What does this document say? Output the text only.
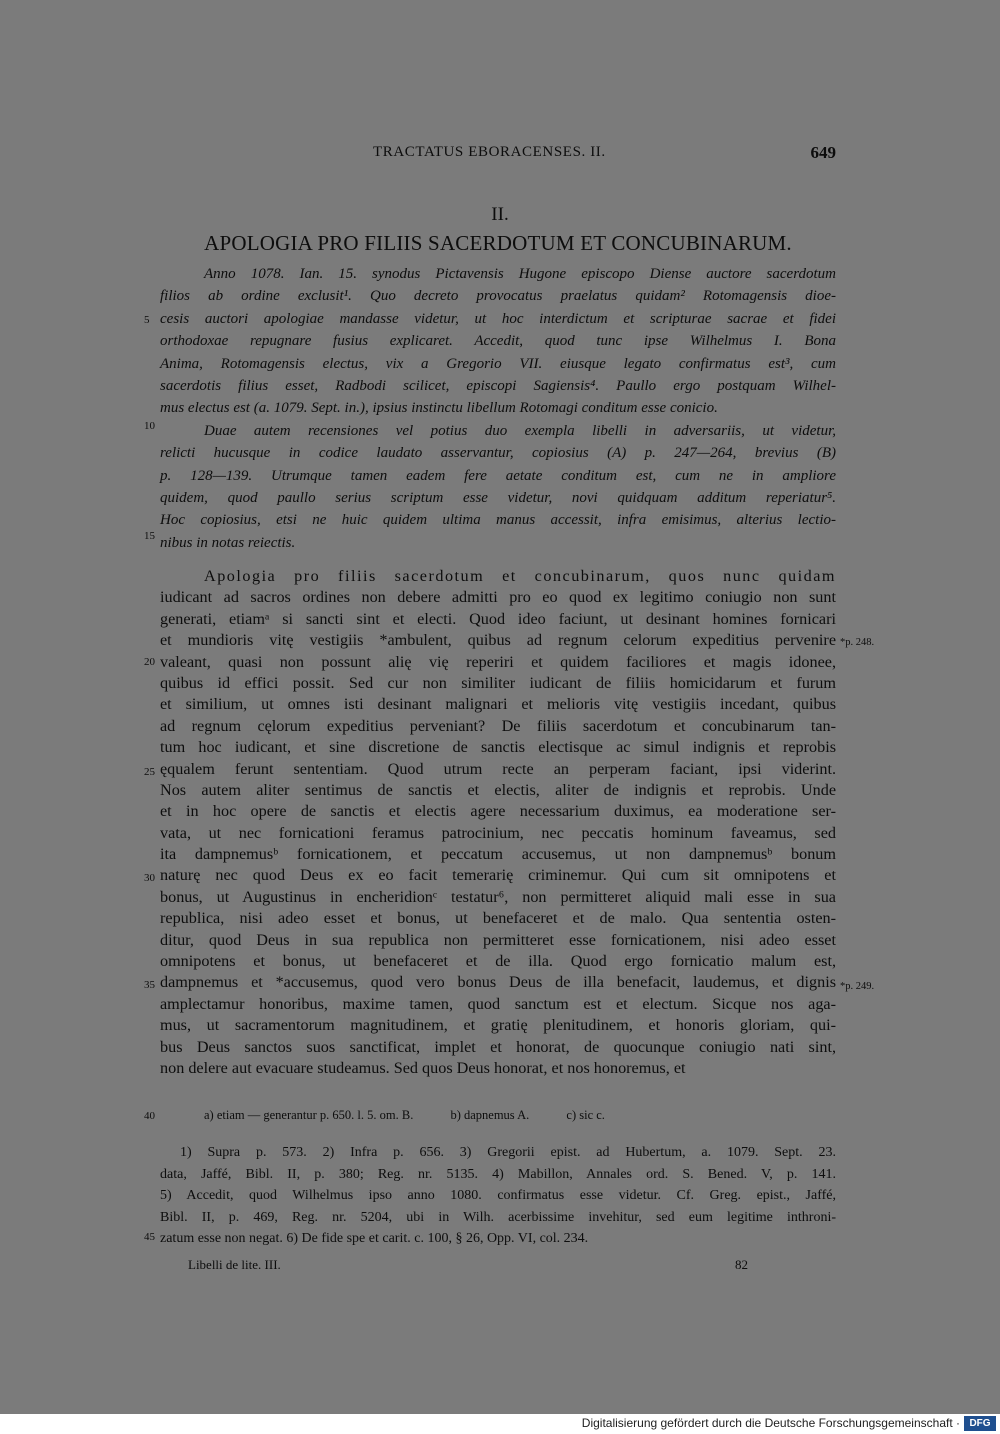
TRACTATUS EBORACENSES. II.	649
II.
APOLOGIA PRO FILIIS SACERDOTUM ET CONCUBINARUM.
Anno 1078. Ian. 15. synodus Pictavensis Hugone episcopo Diense auctore sacerdotum
filios ab ordine exclusit¹. Quo decreto provocatus praelatus quidam² Rotomagensis dioe-
cesis auctori apologiae mandasse videtur, ut hoc interdictum et scripturae sacrae et fidei
orthodoxae repugnare fusius explicaret. Accedit, quod tunc ipse Wilhelmus I. Bona
Anima, Rotomagensis electus, vix a Gregorio VII. eiusque legato confirmatus est³, cum
sacerdotis filius esset, Radbodi scilicet, episcopi Sagiensis⁴. Paullo ergo postquam Wilhel-
mus electus est (a. 1079. Sept. in.), ipsius instinctu libellum Rotomagi conditum esse conicio.
Duae autem recensiones vel potius duo exempla libelli in adversariis, ut videtur,
relicti hucusque in codice laudato asservantur, copiosius (A) p. 247—264, brevius (B)
p. 128—139. Utrumque tamen eadem fere aetate conditum est, cum ne in ampliore
quidem, quod paullo serius scriptum esse videtur, novi quidquam additum reperiatur⁵.
Hoc copiosius, etsi ne huic quidem ultima manus accessit, infra emisimus, alterius lectio-
nibus in notas reiectis.
Apologia pro filiis sacerdotum et concubinarum, quos nunc quidam
iudicant ad sacros ordines non debere admitti pro eo quod ex legitimo coniugio non sunt
generati, etiamᵃ si sancti sint et electi. Quod ideo faciunt, ut desinant homines fornicari
et mundioris vitę vestigiis *ambulent, quibus ad regnum celorum expeditius pervenire
valeant, quasi non possunt alię vię reperiri et quidem faciliores et magis idonee,
quibus id effici possit. Sed cur non similiter iudicant de filiis homicidarum et furum
et similium, ut omnes isti desinant malignari et melioris vitę vestigiis incedant, quibus
ad regnum cęlorum expeditius perveniant? De filiis sacerdotum et concubinarum tan-
tum hoc iudicant, et sine discretione de sanctis electisque ac simul indignis et reprobis
ęqualem ferunt sententiam. Quod utrum recte an perperam faciant, ipsi viderint.
Nos autem aliter sentimus de sanctis et electis, aliter de indignis et reprobis. Unde
et in hoc opere de sanctis et electis agere necessarium duximus, ea moderatione ser-
vata, ut nec fornicationi feramus patrocinium, nec peccatis hominum faveamus, sed
ita dampnemusᵇ fornicationem, et peccatum accusemus, ut non dampnemusᵇ bonum
naturę nec quod Deus ex eo facit temerarię criminemur. Qui cum sit omnipotens et
bonus, ut Augustinus in encheridionᶜ testatur⁶, non permitteret aliquid mali esse in sua
republica, nisi adeo esset et bonus, ut benefaceret et de malo. Qua sententia osten-
ditur, quod Deus in sua republica non permitteret esse fornicationem, nisi adeo esset
omnipotens et bonus, ut benefaceret et de illa. Quod ergo fornicatio malum est,
dampnemus et *accusemus, quod vero bonus Deus de illa benefacit, laudemus, et dignis
amplectamur honoribus, maxime tamen, quod sanctum est et electum. Sicque nos aga-
mus, ut sacramentorum magnitudinem, et gratię plenitudinem, et honoris gloriam, qui-
bus Deus sanctos suos sanctificat, implet et honorat, de quocunque coniugio nati sint,
non delere aut evacuare studeamus. Sed quos Deus honorat, et nos honoremus, et
a) etiam — generantur p. 650. l. 5. om. B.	b) dapnemus A.	c) sic c.
40
1) Supra p. 573. 2) Infra p. 656. 3) Gregorii epist. ad Hubertum, a. 1079. Sept. 23.
data, Jaffé, Bibl. II, p. 380; Reg. nr. 5135. 4) Mabillon, Annales ord. S. Bened. V, p. 141.
5) Accedit, quod Wilhelmus ipso anno 1080. confirmatus esse videtur. Cf. Greg. epist., Jaffé,
Bibl. II, p. 469, Reg. nr. 5204, ubi in Wilh. acerbissime invehitur, sed eum legitime inthroni-
zatum esse non negat. 6) De fide spe et carit. c. 100, § 26, Opp. VI, col. 234.
45
Libelli de lite. III.	82
Digitalisierung gefördert durch die Deutsche Forschungsgemeinschaft · DFG
5
10
15
20
25
30
35
*p. 248.
*p. 249.
